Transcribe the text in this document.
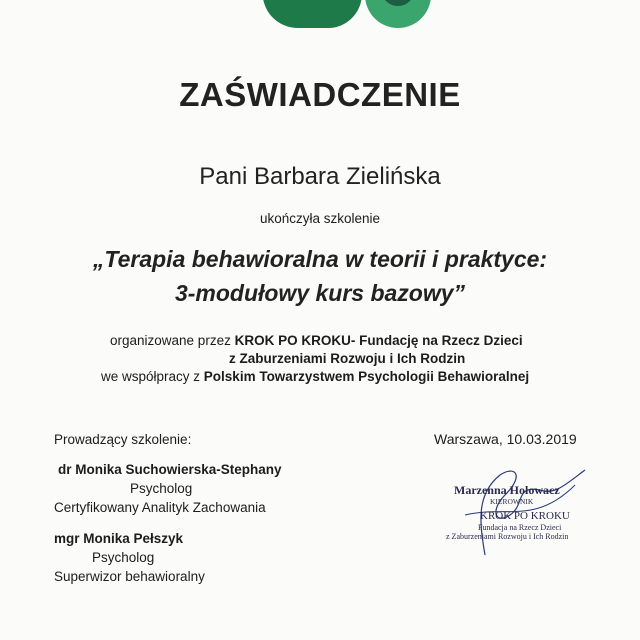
ZAŚWIADCZENIE
Pani Barbara Zielińska
ukończyła szkolenie
„Terapia behawioralna w teorii i praktyce:
3-modułowy kurs bazowy”
organizowane przez KROK PO KROKU- Fundację na Rzecz Dzieci
z Zaburzeniami Rozwoju i Ich Rodzin
we współpracy z Polskim Towarzystwem Psychologii Behawioralnej
Prowadzący szkolenie:
dr Monika Suchowierska-Stephany
Psycholog
Certyfikowany Analityk Zachowania
mgr Monika Pełszyk
Psycholog
Superwizor behawioralny
Warszawa, 10.03.2019
Marzenna Hołowacz
KIEROWNIK
KROK PO KROKU
Fundacja na Rzecz Dzieci
z Zaburzeniami Rozwoju i Ich Rodzin
